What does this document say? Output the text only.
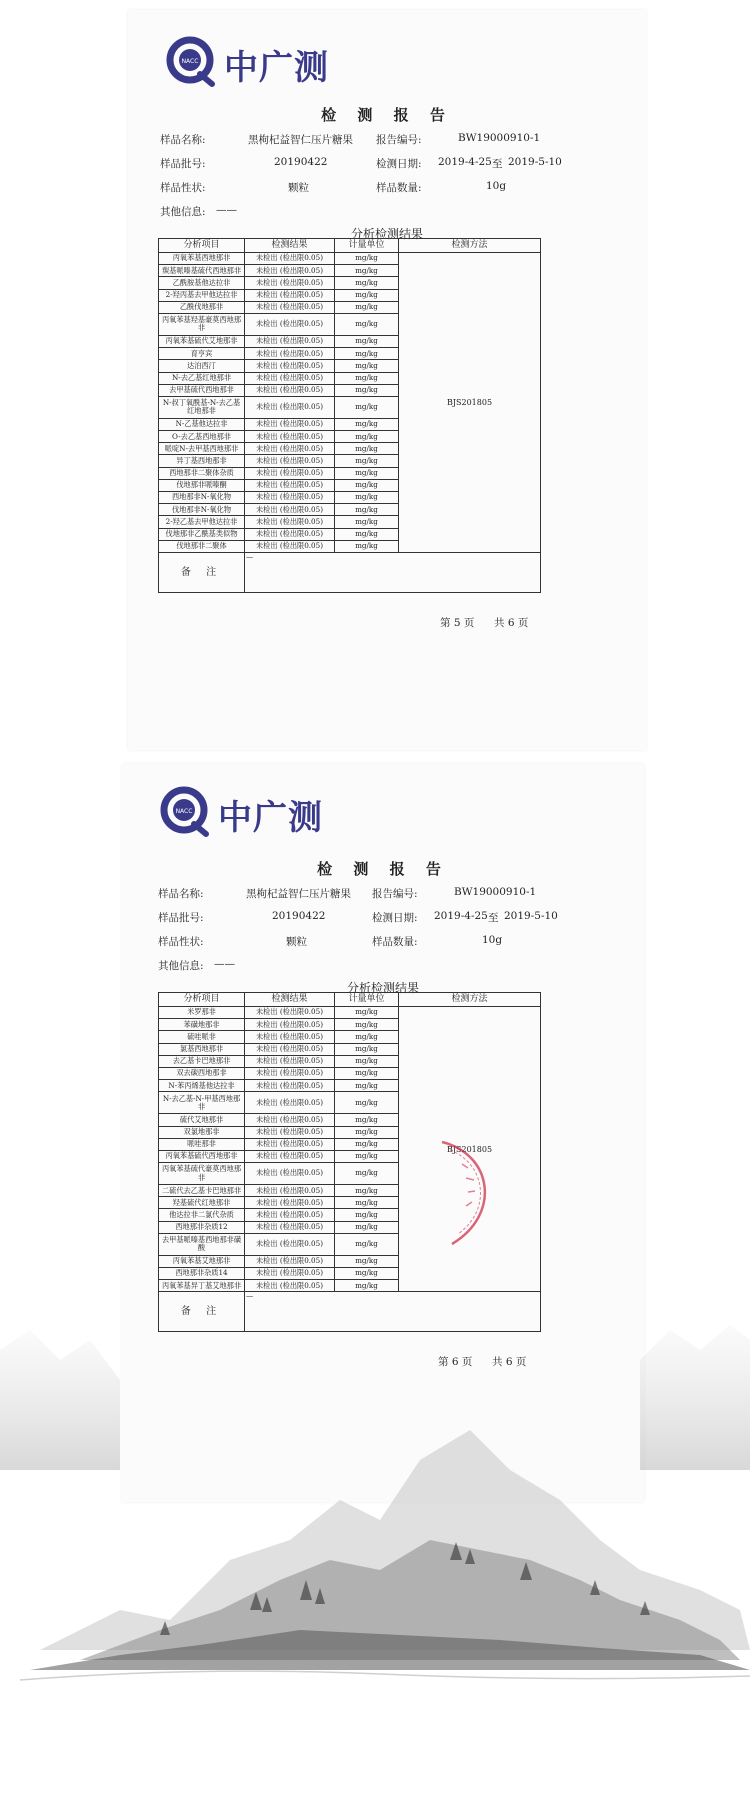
NACC 中广测
检 测 报 告
样品名称:	黑枸杞益智仁压片糖果 报告编号:	BW19000910-1
样品批号:	20190422	检测日期: 2019-4-25 至 2019-5-10
样品性状:	颗粒	样品数量:	10g
其他信息: ——
分析检测结果
分析项目	检测结果	计量单位	检测方法
丙氧苯基西地那非	未检出 (检出限0.05)	mg/kg	BJS201805
羰基哌嗪基硫代西地那非	未检出 (检出限0.05)	mg/kg	
乙酰胺基他达拉非	未检出 (检出限0.05)	mg/kg	
2-羟丙基去甲他达拉非	未检出 (检出限0.05)	mg/kg	
乙酰伐地那非	未检出 (检出限0.05)	mg/kg	
丙氧苯基羟基豪莫西地那非	未检出 (检出限0.05)	mg/kg	
丙氧苯基硫代艾地那非	未检出 (检出限0.05)	mg/kg	
育亨宾	未检出 (检出限0.05)	mg/kg	
达泊西汀	未检出 (检出限0.05)	mg/kg	
N-去乙基红地那非	未检出 (检出限0.05)	mg/kg	
去甲基硫代西地那非	未检出 (检出限0.05)	mg/kg	
N-叔丁氧酰基-N-去乙基红地那非	未检出 (检出限0.05)	mg/kg	
N-乙基他达拉非	未检出 (检出限0.05)	mg/kg	
O-去乙基西地那非	未检出 (检出限0.05)	mg/kg	
哌啶N-去甲基西地那非	未检出 (检出限0.05)	mg/kg	
异丁基西地那非	未检出 (检出限0.05)	mg/kg	
西地那非二聚体杂质	未检出 (检出限0.05)	mg/kg	
伐地那非哌嗪酮	未检出 (检出限0.05)	mg/kg	
西地那非N-氧化物	未检出 (检出限0.05)	mg/kg	
伐地那非N-氧化物	未检出 (检出限0.05)	mg/kg	
2-羟乙基去甲他达拉非	未检出 (检出限0.05)	mg/kg	
伐地那非乙酰基类似物	未检出 (检出限0.05)	mg/kg	
伐地那非二聚体	未检出 (检出限0.05)	mg/kg	
备 注	—		
第 5 页 共 6 页
NACC 中广测
检 测 报 告
样品名称:	黑枸杞益智仁压片糖果 报告编号:	BW19000910-1
样品批号:	20190422	检测日期: 2019-4-25 至 2019-5-10
样品性状:	颗粒	样品数量:	10g
其他信息: ——
分析检测结果
分析项目	检测结果	计量单位	检测方法
米罗那非	未检出 (检出限0.05)	mg/kg	BJS201805
苯磺地那非	未检出 (检出限0.05)	mg/kg	
硫哇哌非	未检出 (检出限0.05)	mg/kg	
氯基西地那非	未检出 (检出限0.05)	mg/kg	
去乙基卡巴地那非	未检出 (检出限0.05)	mg/kg	
双去碳西地那非	未检出 (检出限0.05)	mg/kg	
N-苯丙烯基他达拉非	未检出 (检出限0.05)	mg/kg	
N-去乙基-N-甲基西地那非	未检出 (检出限0.05)	mg/kg	
硫代艾地那非	未检出 (检出限0.05)	mg/kg	
双氯地那非	未检出 (检出限0.05)	mg/kg	
哌哇那非	未检出 (检出限0.05)	mg/kg	
丙氧苯基硫代西地那非	未检出 (检出限0.05)	mg/kg	
丙氧苯基硫代豪莫西地那非	未检出 (检出限0.05)	mg/kg	
二硫代去乙基卡巴地那非	未检出 (检出限0.05)	mg/kg	
羟基硫代红地那非	未检出 (检出限0.05)	mg/kg	
他达拉非二氯代杂质	未检出 (检出限0.05)	mg/kg	
西地那非杂质12	未检出 (检出限0.05)	mg/kg	
去甲基哌嗪基西地那非磺酸	未检出 (检出限0.05)	mg/kg	
丙氧苯基艾地那非	未检出 (检出限0.05)	mg/kg	
西地那非杂质14	未检出 (检出限0.05)	mg/kg	
丙氧苯基异丁基艾地那非	未检出 (检出限0.05)	mg/kg	
备 注	—		
第 6 页 共 6 页
